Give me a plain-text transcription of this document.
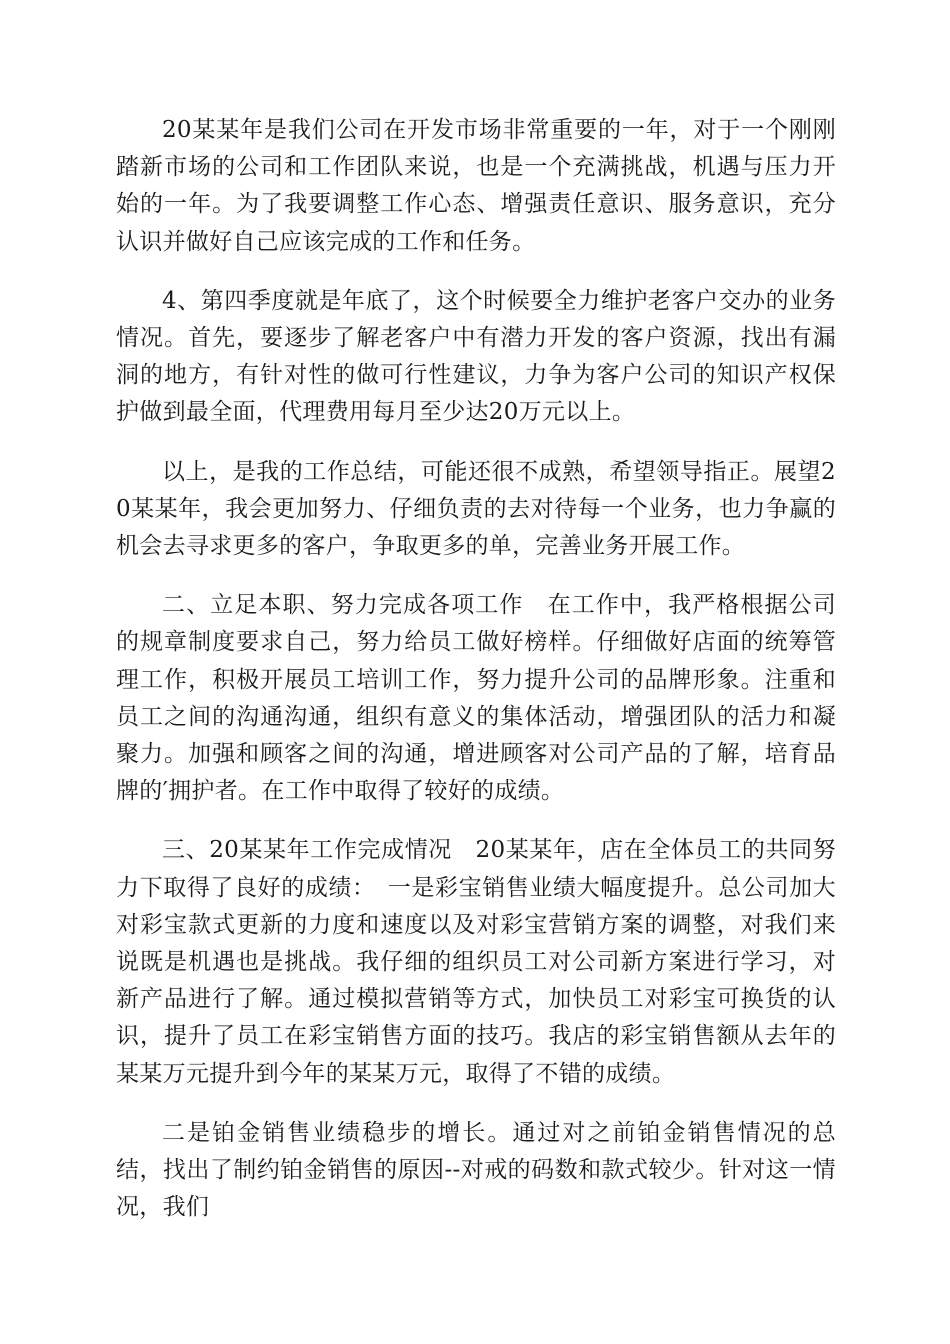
20某某年是我们公司在开发市场非常重要的一年，对于一个刚刚踏新市场的公司和工作团队来说，也是一个充满挑战，机遇与压力开始的一年。为了我要调整工作心态、增强责任意识、服务意识，充分认识并做好自己应该完成的工作和任务。

4、第四季度就是年底了，这个时候要全力维护老客户交办的业务情况。首先，要逐步了解老客户中有潜力开发的客户资源，找出有漏洞的地方，有针对性的做可行性建议，力争为客户公司的知识产权保护做到最全面，代理费用每月至少达20万元以上。

以上，是我的工作总结，可能还很不成熟，希望领导指正。展望20某某年，我会更加努力、仔细负责的去对待每一个业务，也力争赢的机会去寻求更多的客户，争取更多的单，完善业务开展工作。

二、立足本职、努力完成各项工作　在工作中，我严格根据公司的规章制度要求自己，努力给员工做好榜样。仔细做好店面的统筹管理工作，积极开展员工培训工作，努力提升公司的品牌形象。注重和员工之间的沟通沟通，组织有意义的集体活动，增强团队的活力和凝聚力。加强和顾客之间的沟通，增进顾客对公司产品的了解，培育品牌的′拥护者。在工作中取得了较好的成绩。

三、20某某年工作完成情况　20某某年，店在全体员工的共同努力下取得了良好的成绩：　一是彩宝销售业绩大幅度提升。总公司加大对彩宝款式更新的力度和速度以及对彩宝营销方案的调整，对我们来说既是机遇也是挑战。我仔细的组织员工对公司新方案进行学习，对新产品进行了解。通过模拟营销等方式，加快员工对彩宝可换货的认识，提升了员工在彩宝销售方面的技巧。我店的彩宝销售额从去年的某某万元提升到今年的某某万元，取得了不错的成绩。

二是铂金销售业绩稳步的增长。通过对之前铂金销售情况的总结，找出了制约铂金销售的原因--对戒的码数和款式较少。针对这一情况，我们
